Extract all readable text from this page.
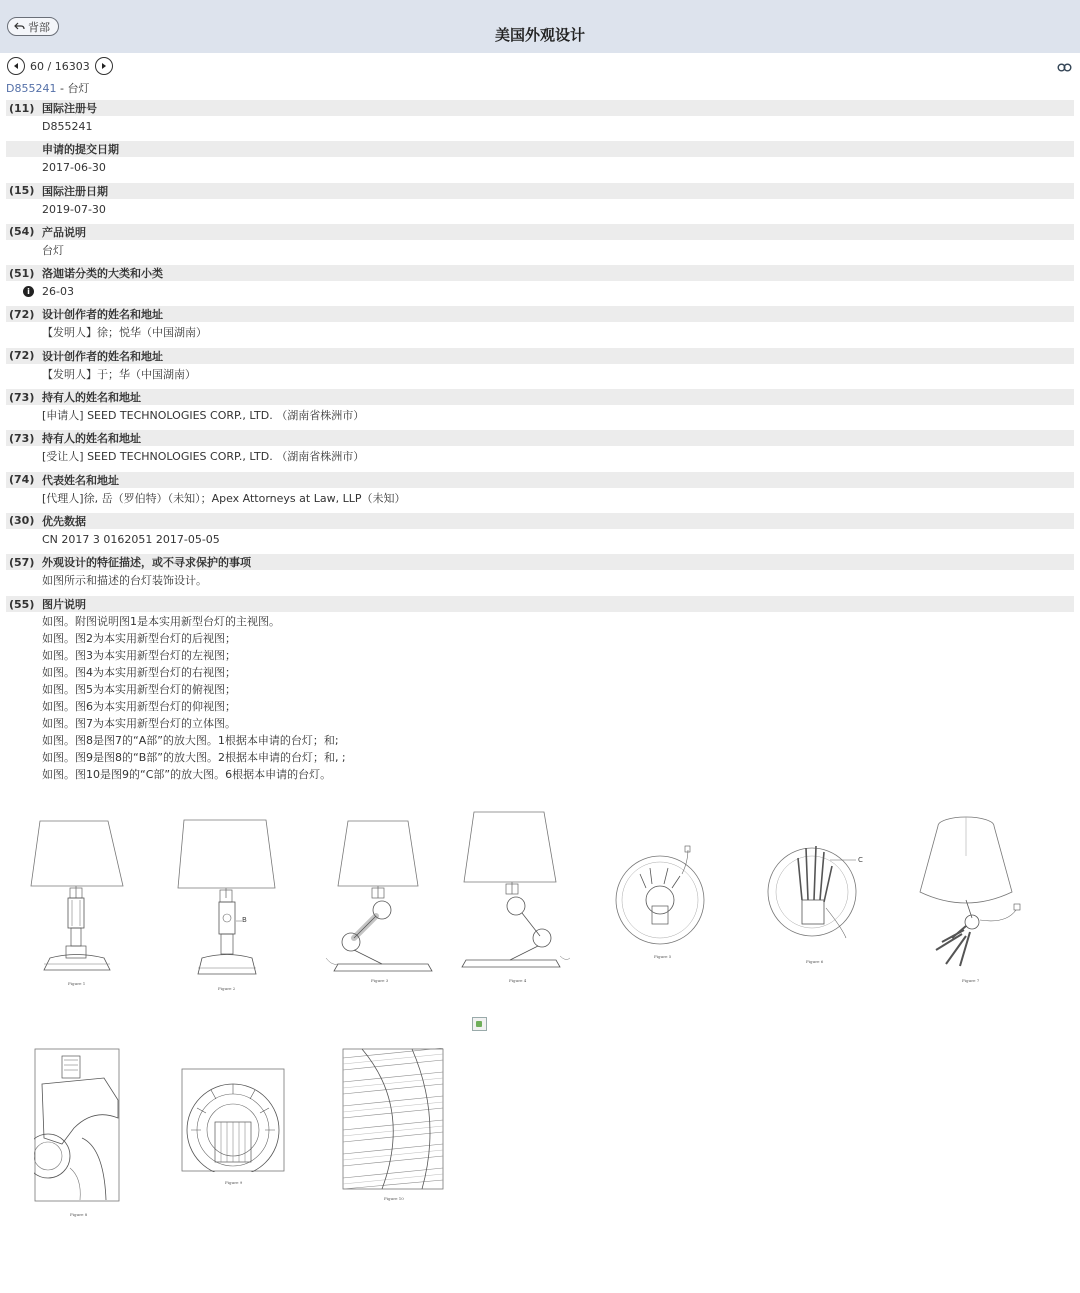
背部	美国外观设计
60 / 16303
D855241 - 台灯
(11) 国际注册号
D855241
申请的提交日期
2017-06-30
(15) 国际注册日期
2019-07-30
(54) 产品说明
台灯
(51) 洛迦诺分类的大类和小类
i	26-03
(72) 设计创作者的姓名和地址
【发明人】徐；悦华（中国湖南）
(72) 设计创作者的姓名和地址
【发明人】于；华（中国湖南）
(73) 持有人的姓名和地址
[申请人] SEED TECHNOLOGIES CORP., LTD. （湖南省株洲市）
(73) 持有人的姓名和地址
[受让人] SEED TECHNOLOGIES CORP., LTD. （湖南省株洲市）
(74) 代表姓名和地址
[代理人]徐, 岳（罗伯特）（未知）；Apex Attorneys at Law, LLP（未知）
(30) 优先数据
CN 2017 3 0162051 2017-05-05
(57) 外观设计的特征描述，或不寻求保护的事项
如图所示和描述的台灯装饰设计。
(55) 图片说明
如图。附图说明图1是本实用新型台灯的主视图。
如图。图2为本实用新型台灯的后视图；
如图。图3为本实用新型台灯的左视图；
如图。图4为本实用新型台灯的右视图；
如图。图5为本实用新型台灯的俯视图；
如图。图6为本实用新型台灯的仰视图；
如图。图7为本实用新型台灯的立体图。
如图。图8是图7的“A部”的放大图。1根据本申请的台灯；和;
如图。图9是图8的“B部”的放大图。2根据本申请的台灯；和, ;
如图。图10是图9的“C部”的放大图。6根据本申请的台灯。
Figure 1
B
Figure 2
Figure 3	Figure 4
Figure 5
C
Figure 6
Figure 7
Figure 8
Figure 9
Figure 10
